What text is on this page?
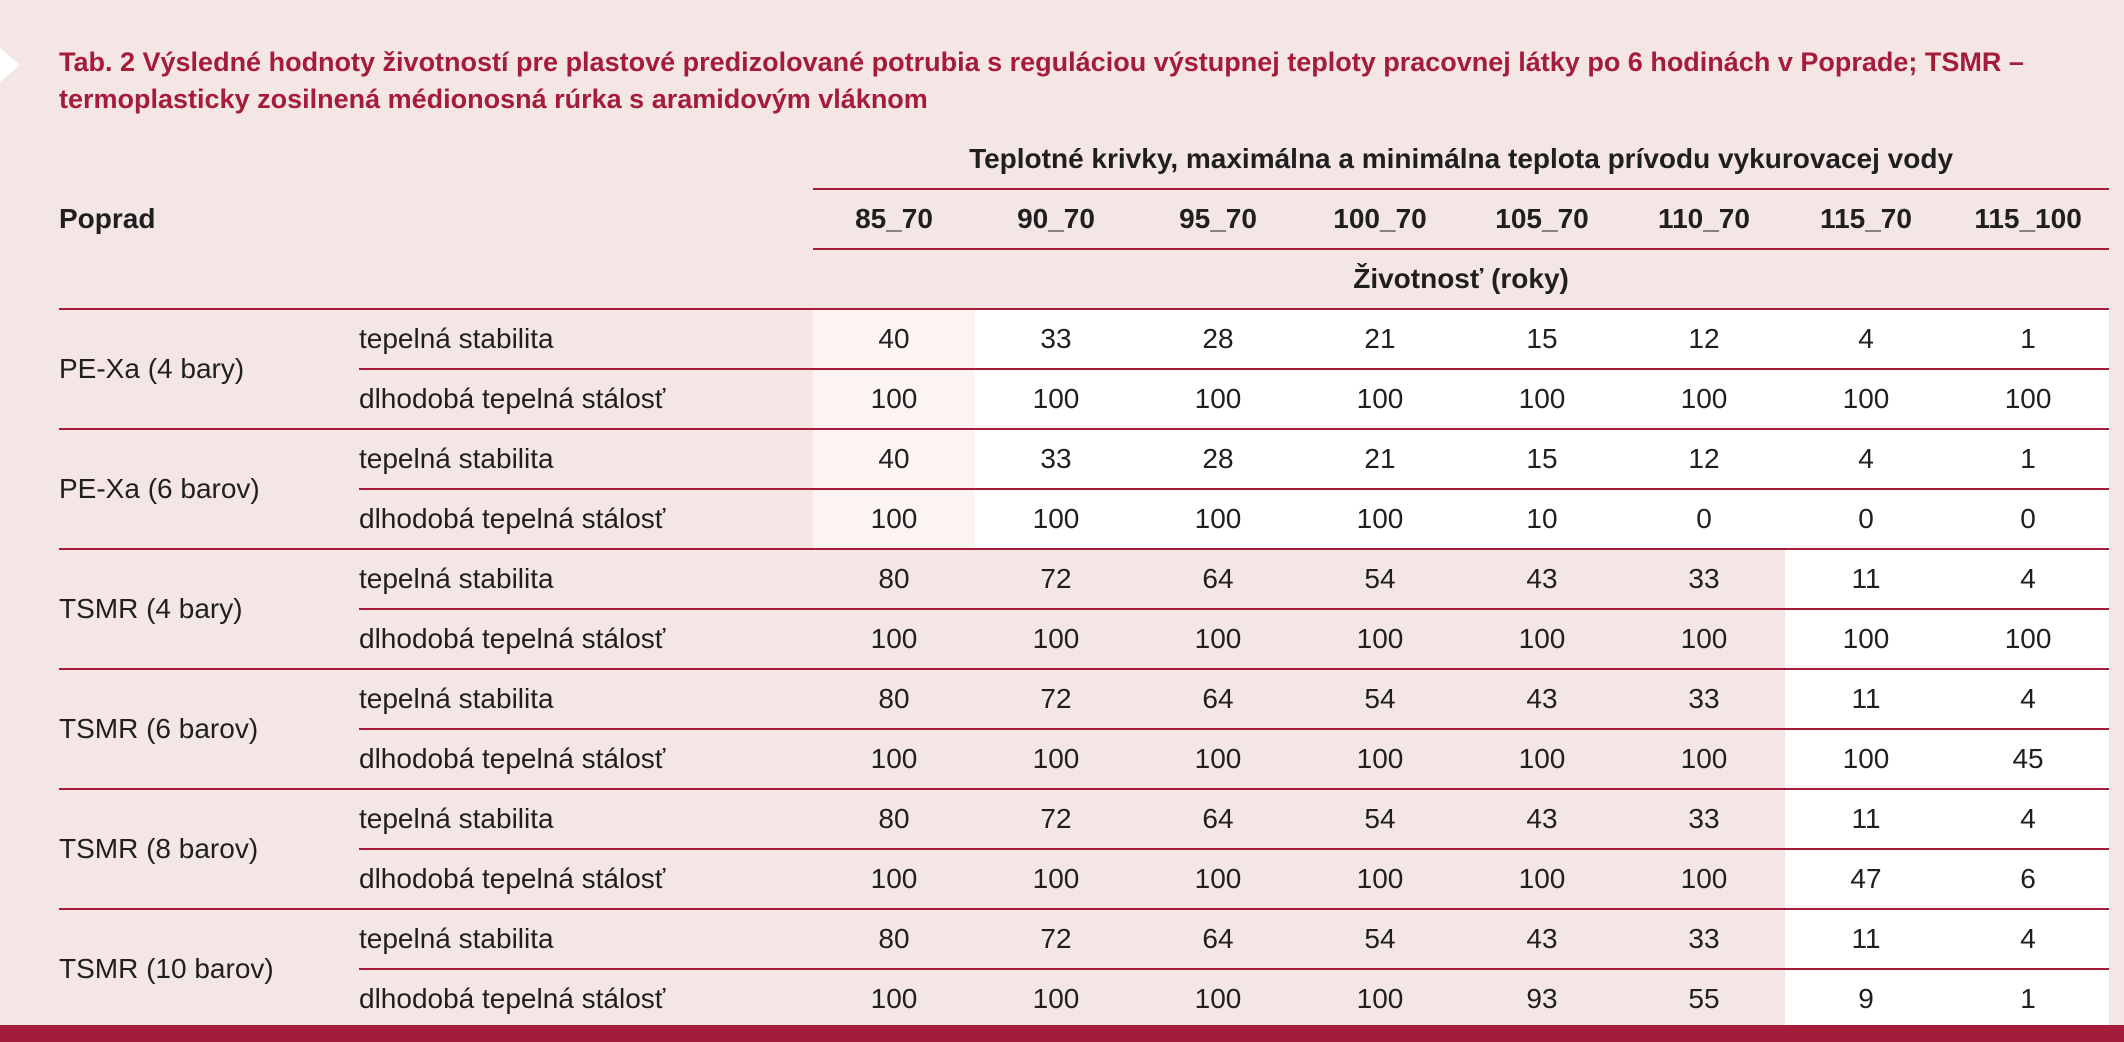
Tab. 2 Výsledné hodnoty životností pre plastové predizolované potrubia s reguláciou výstupnej teploty pracovnej látky po 6 hodinách v Poprade; TSMR – termoplasticky zosilnená médionosná rúrka s aramidovým vláknom
		Teplotné krivky, maximálna a minimálna teplota prívodu vykurovacej vody							
Poprad		85_70	90_70	95_70	100_70	105_70	110_70	115_70	115_100
		Životnosť (roky)							
PE-Xa (4 bary)	tepelná stabilita	40	33	28	21	15	12	4	1
	dlhodobá tepelná stálosť	100	100	100	100	100	100	100	100
PE-Xa (6 barov)	tepelná stabilita	40	33	28	21	15	12	4	1
	dlhodobá tepelná stálosť	100	100	100	100	10	0	0	0
TSMR (4 bary)	tepelná stabilita	80	72	64	54	43	33	11	4
	dlhodobá tepelná stálosť	100	100	100	100	100	100	100	100
TSMR (6 barov)	tepelná stabilita	80	72	64	54	43	33	11	4
	dlhodobá tepelná stálosť	100	100	100	100	100	100	100	45
TSMR (8 barov)	tepelná stabilita	80	72	64	54	43	33	11	4
	dlhodobá tepelná stálosť	100	100	100	100	100	100	47	6
TSMR (10 barov)	tepelná stabilita	80	72	64	54	43	33	11	4
	dlhodobá tepelná stálosť	100	100	100	100	93	55	9	1
